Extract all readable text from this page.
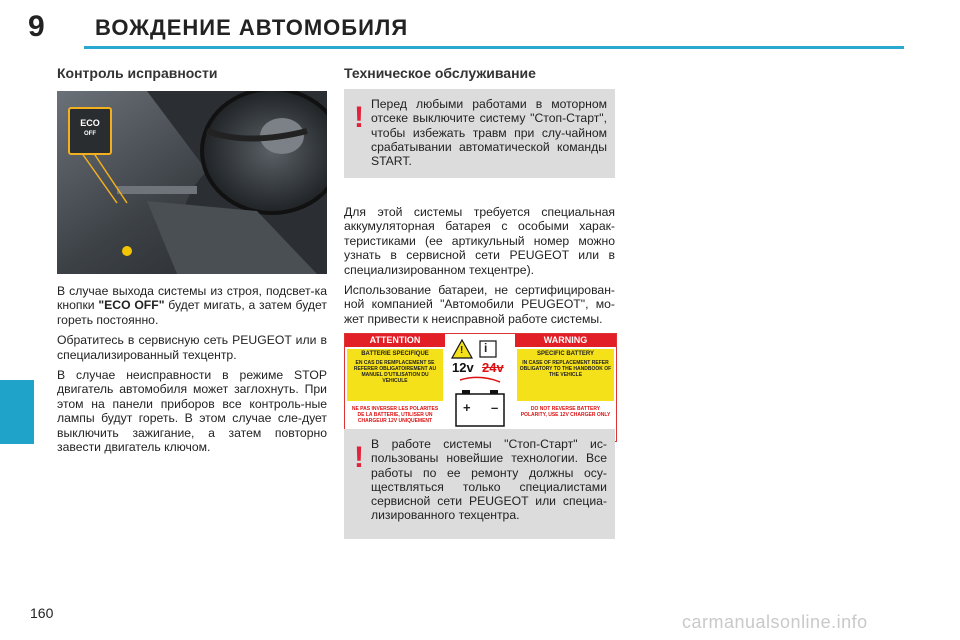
9 ВОЖДЕНИЕ АВТОМОБИЛЯ
Контроль исправности
ECO
OFF

В случае выхода системы из строя, подсвет-ка кнопки "ECO OFF" будет мигать, а затем будет гореть постоянно.

Обратитесь в сервисную сеть PEUGEOT или в специализированный техцентр.

В случае неисправности в режиме STOP двигатель автомобиля может заглохнуть. При этом на панели приборов все контроль-ные лампы будут гореть. В этом случае сле-дует выключить зажигание, а затем повторно завести двигатель ключом.

Техническое обслуживание
! Перед любыми работами в моторном отсеке выключите систему "Стоп-Старт", чтобы избежать травм при слу-чайном срабатывании автоматической команды START.

Для этой системы требуется специальная аккумуляторная батарея с особыми харак-теристиками (ее артикульный номер можно узнать в сервисной сети PEUGEOT или в специализированном техцентре).

Использование батареи, не сертифицирован-ной компанией "Автомобили PEUGEOT", мо-жет привести к неисправной работе системы.

ATTENTION	WARNING
BATTERIE SPECIFIQUE
EN CAS DE REMPLACEMENT SE REFERER OBLIGATOIREMENT AU MANUEL D'UTILISATION DU VEHICULE
NE PAS INVERSER LES POLARITES DE LA BATTERIE, UTILISER UN CHARGEUR 12V UNIQUEMENT
SPECIFIC BATTERY
IN CASE OF REPLACEMENT REFER OBLIGATORY TO THE HANDBOOK OF THE VEHICLE
DO NOT REVERSE BATTERY POLARITY, USE 12V CHARGER ONLY
i
!
12v 24v
+ –
! В работе системы "Стоп-Старт" ис-пользованы новейшие технологии. Все работы по ее ремонту должны осу-ществляться только специалистами сервисной сети PEUGEOT или специа-лизированного техцентра.
160	carmanualsonline.info
